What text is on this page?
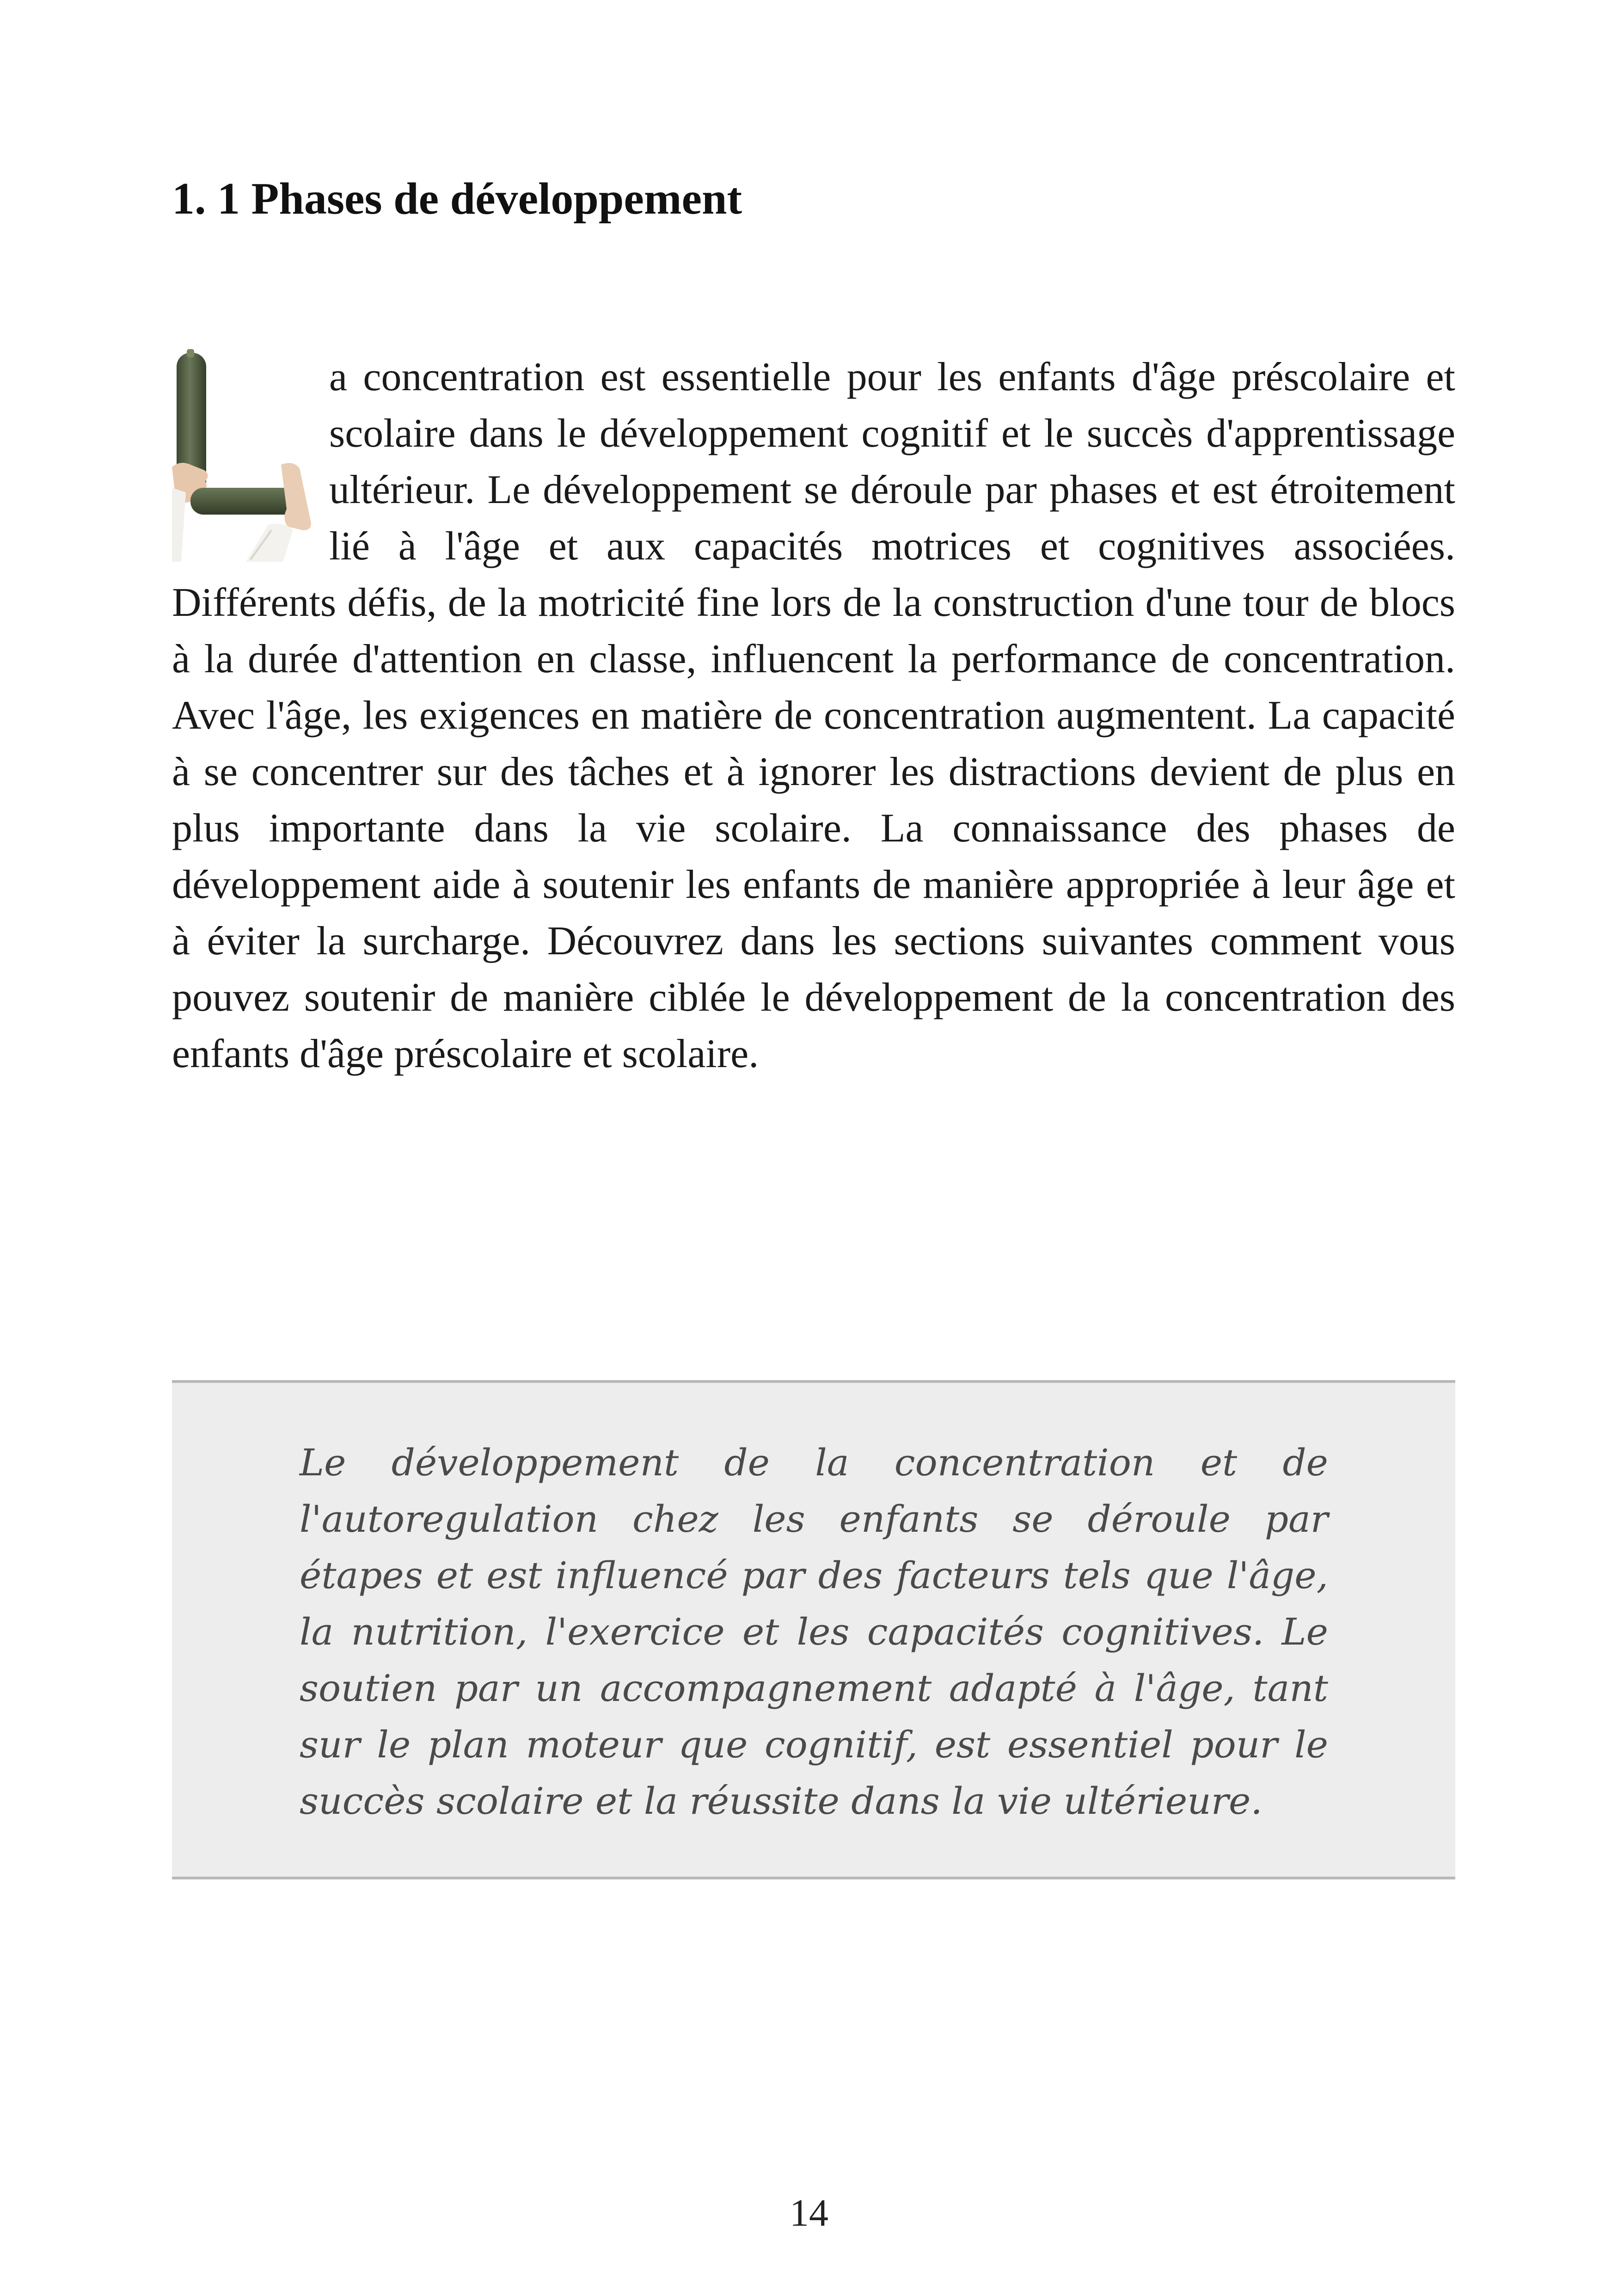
1. 1 Phases de développement
a concentration est essentielle pour les enfants d'âge préscolaire et scolaire dans le développement cognitif et le succès d'apprentissage ultérieur. Le développement se déroule par phases et est étroitement lié à l'âge et aux capacités motrices et cognitives associées. Différents défis, de la motricité fine lors de la construction d'une tour de blocs à la durée d'attention en classe, influencent la performance de concentration. Avec l'âge, les exigences en matière de concentration augmentent. La capacité à se concentrer sur des tâches et à ignorer les distractions devient de plus en plus importante dans la vie scolaire. La connaissance des phases de développement aide à soutenir les enfants de manière appropriée à leur âge et à éviter la surcharge. Découvrez dans les sections suivantes comment vous pouvez soutenir de manière ciblée le développement de la concentration des enfants d'âge préscolaire et scolaire.

Le développement de la concentration et de l'autoregulation chez les enfants se déroule par étapes et est influencé par des facteurs tels que l'âge, la nutrition, l'exercice et les capacités cognitives. Le soutien par un accompagnement adapté à l'âge, tant sur le plan moteur que cognitif, est essentiel pour le succès scolaire et la réussite dans la vie ultérieure.

14
